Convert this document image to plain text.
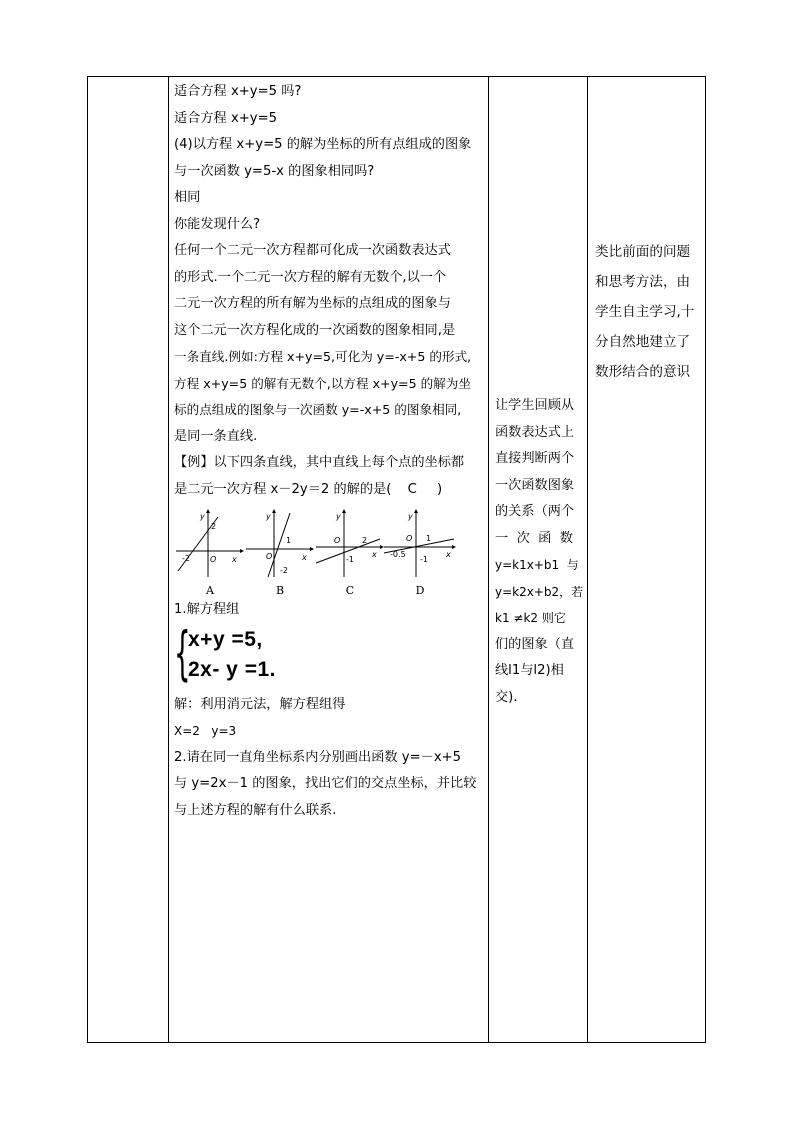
适合方程 x+y=5 吗?

适合方程 x+y=5

(4)以方程 x+y=5 的解为坐标的所有点组成的图象

与一次函数 y=5-x 的图象相同吗?

相同

你能发现什么?

任何一个二元一次方程都可化成一次函数表达式

的形式.一个二元一次方程的解有无数个,以一个

二元一次方程的所有解为坐标的点组成的图象与

这个二元一次方程化成的一次函数的图象相同,是

一条直线.例如:方程 x+y=5,可化为 y=-x+5 的形式,

方程 x+y=5 的解有无数个,以方程 x+y=5 的解为坐

标的点组成的图象与一次函数 y=-x+5 的图象相同,

是同一条直线.

【例】以下四条直线，其中直线上每个点的坐标都

是二元一次方程 x－2y＝2 的解的是( C )

y
2
-2	O x
A
y
1
O
-2
x
B
y
2
O
-1
x
C
y
O 1
-0.5
-1
x
D

1.解方程组

{
x+y =5,
2x- y =1.

解：利用消元法，解方程组得

X=2   y=3

2.请在同一直角坐标系内分别画出函数 y=－x+5

与 y=2x－1 的图象，找出它们的交点坐标，并比较

与上述方程的解有什么联系.

让学生回顾从

函数表达式上

直接判断两个

一次函数图象

的关系（两个

一  次  函  数

y=k1x+b1  与

y=k2x+b2，若

k1 ≠k2 则它

们的图象（直

线l1与l2)相

交).

类比前面的问题

和思考方法，由

学生自主学习,十

分自然地建立了

数形结合的意识
